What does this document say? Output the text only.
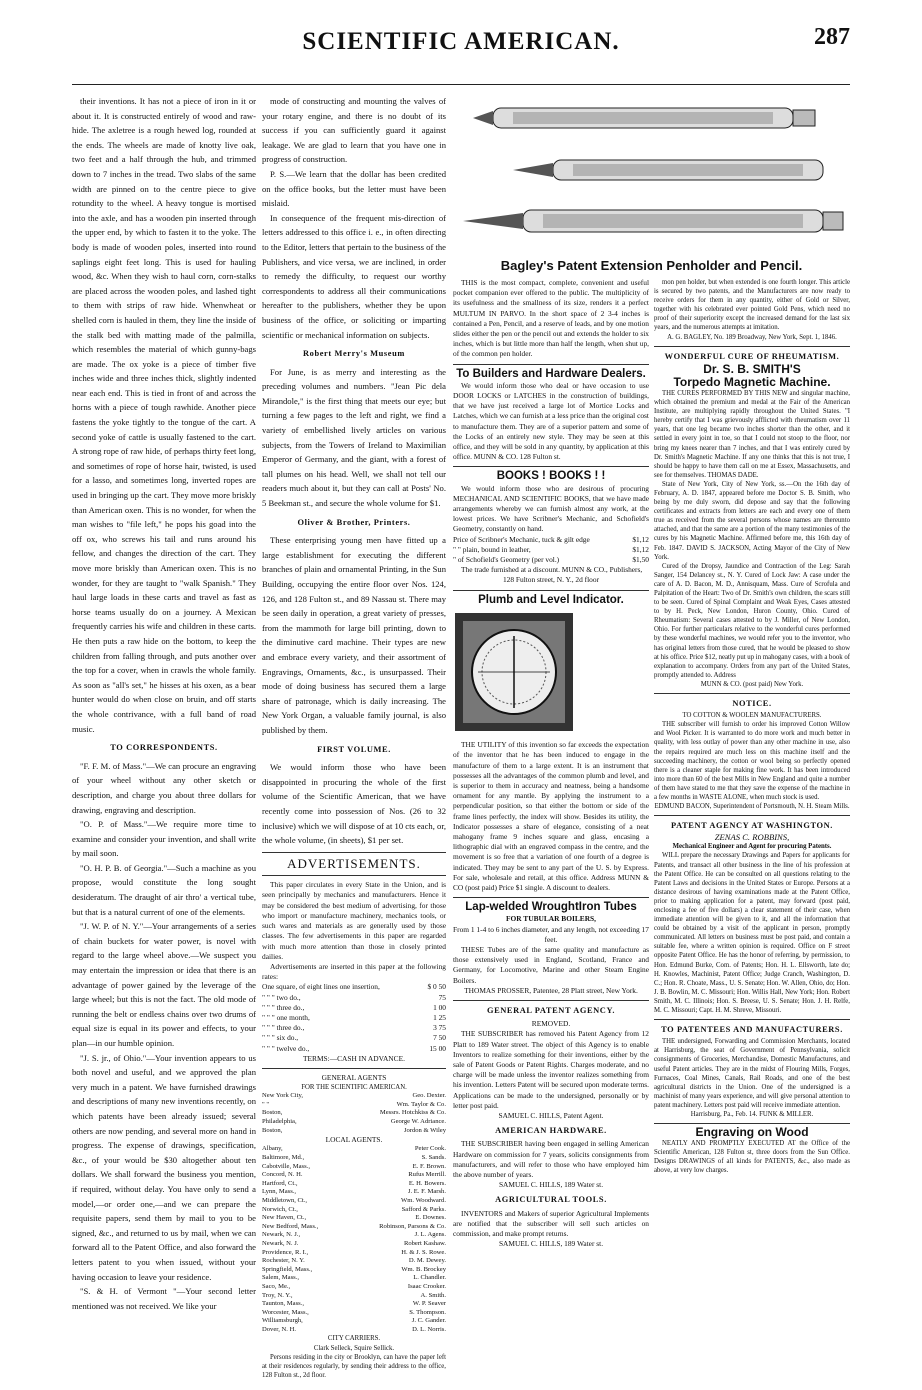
SCIENTIFIC AMERICAN.	287

their inventions. It has not a piece of iron in it or about it. It is constructed entirely of wood and raw-hide. The axletree is a rough hewed log, rounded at the ends. The wheels are made of knotty live oak, two feet and a half through the hub, and trimmed down to 7 inches in the tread. Two slabs of the same width are pinned on to the centre piece to give rotundity to the wheel. A heavy tongue is mortised into the axle, and has a wooden pin inserted through the upper end, by which to fasten it to the yoke. The body is made of wooden poles, inserted into round saplings eight feet long. This is used for hauling wood, &c. When they wish to haul corn, corn-stalks are placed across the wooden poles, and lashed tight to them with strips of raw hide. Whenwheat or shelled corn is hauled in them, they line the inside of the stalk bed with matting made of the palmilla, which resembles the material of which gunny-bags are made. The ox yoke is a piece of timber five inches wide and three inches thick, slightly indented near each end. This is tied in front of and across the horns with a piece of tough rawhide. Another piece fastens the yoke tightly to the tongue of the cart. A second yoke of cattle is usually fastened to the cart. A strong rope of raw hide, of perhaps thirty feet long, and sometimes of rope of horse hair, twisted, is used for a lasso, and sometimes long, inverted ropes are used in bringing up the cart. They move more briskly than American oxen. This is no wonder, for when the man wishes to "file left," he pops his goad into the off ox, who screws his tail and runs around his fellow, and changes the direction of the cart. They move more briskly than American oxen. This is no wonder, for they are taught to "walk Spanish." They haul large loads in these carts and travel as fast as horse teams usually do on a journey. A Mexican frequently carries his wife and children in these carts. He then puts a raw hide on the bottom, to keep the children from falling through, and puts another over the top for a cover, when in crawls the whole family. As soon as "all's set," he hisses at his oxen, as a bear hunter would do when close on bruin, and off starts the whole contrivance, with a full band of road music.

TO CORRESPONDENTS.

"F. F. M. of Mass."—We can procure an engraving of your wheel without any other sketch or description, and charge you about three dollars for drawing, engraving and description.

"O. P. of Mass."—We require more time to examine and consider your invention, and shall write by mail soon.

"O. H. P. B. of Georgia."—Such a machine as you propose, would constitute the long sought desideratum. The draught of air thro' a vertical tube, but that is a natural current of one of the elements.

"J. W. P. of N. Y."—Your arrangements of a series of chain buckets for water power, is novel with regard to the large wheel above.—We suspect you may entertain the impression or idea that there is an advantage of power gained by the leverage of the large wheel; but this is not the fact. The old mode of running the belt or endless chains over two drums of equal size is equal in its power and effects, to your plan—in our humble opinion.

"J. S. jr., of Ohio."—Your invention appears to us both novel and useful, and we approved the plan very much in a patent. We have furnished drawings and descriptions of many new inventions recently, on which patents have been already issued; several others are now pending, and several more on hand in progress. The expense of drawings, specification, &c., of your would be $30 altogether about ten dollars. We shall forward the business you mention, if required, without delay. You have only to send a model,—or order one,—and we can prepare the requisite papers, send them by mail to you to be signed, &c., and returned to us by mail, when we can forward all to the Patent Office, and also forward the letters patent to you when issued, without your having occasion to leave your residence.

"S. & H. of Vermont "—Your second letter mentioned was not received. We like your

mode of constructing and mounting the valves of your rotary engine, and there is no doubt of its success if you can sufficiently guard it against leakage. We are glad to learn that you have one in progress of construction.

P. S.—We learn that the dollar has been credited on the office books, but the letter must have been mislaid.

In consequence of the frequent mis-direction of letters addressed to this office i. e., in often directing to the Editor, letters that pertain to the business of the Publishers, and vice versa, we are inclined, in order to remedy the difficulty, to request our worthy correspondents to address all their communications hereafter to the publishers, whether they be upon business of the office, or soliciting or imparting scientific or mechanical information on subjects.

Robert Merry's Museum

For June, is as merry and interesting as the preceding volumes and numbers. "Jean Pic dela Mirandole," is the first thing that meets our eye; but turning a few pages to the left and right, we find a variety of embellished lively articles on various subjects, from the Towers of Ireland to Maximilian Emperor of Germany, and the giant, with a forest of tall plumes on his head. Well, we shall not tell our readers much about it, but they can call at Posts' No. 5 Beekman st., and secure the whole volume for $1.

Oliver & Brother, Printers.

These enterprising young men have fitted up a large establishment for executing the different branches of plain and ornamental Printing, in the Sun Building, occupying the entire floor over Nos. 124, 126, and 128 Fulton st., and 89 Nassau st. There may be seen daily in operation, a great variety of presses, from the mammoth for large bill printing, down to the diminutive card machine. Their types are new and embrace every variety, and their assortment of Engravings, Ornaments, &c., is unsurpassed. Their mode of doing business has secured them a large share of patronage, which is daily increasing. The New York Organ, a valuable family journal, is also published by them.

FIRST VOLUME.

We would inform those who have been disappointed in procuring the whole of the first volume of the Scientific American, that we have recently come into possession of Nos. (26 to 32 inclusive) which we will dispose of at 10 cts each, or, the whole volume, (in sheets), $1 per set.

ADVERTISEMENTS.

This paper circulates in every State in the Union, and is seen principally by mechanics and manufacturers. Hence it may be considered the best medium of advertising, for those who import or manufacture machinery, mechanics tools, or such wares and materials as are generally used by those classes. The few advertisements in this paper are regarded with much more attention than those in closely printed dailies.

Advertisements are inserted in this paper at the following rates:

One square, of eight lines one insertion,	$ 0 50
" " " two do.,	75
" " " three do.,	1 00
" " " one month,	1 25
" " " three do.,	3 75
" " " six do.,	7 50
" " " twelve do.,	15 00
TERMS:—CASH IN ADVANCE.
GENERAL AGENTS
FOR THE SCIENTIFIC AMERICAN.
New York City,	Geo. Dexter.
" "	Wm. Taylor & Co.
Boston,	Messrs. Hotchkiss & Co.
Philadelphia,	George W. Adriance.
Boston,	Jordon & Wiley
LOCAL AGENTS.
Albany,	Peter Cook.
Baltimore, Md.,	S. Sands.
Cabotville, Mass.,	E. F. Brown.
Concord, N. H.	Rufus Merrill.
Hartford, Ct.,	E. H. Bowers.
Lynn, Mass.,	J. E. F. Marsh.
Middletown, Ct.,	Wm. Woodward.
Norwich, Ct.,	Safford & Parks.
New Haven, Ct.,	E. Downes.
New Bedford, Mass.,	Robinson, Parsons & Co.
Newark, N. J.,	J. L. Agens.
Newark, N. J.	Robert Kashaw.
Providence, R. I.,	H. & J. S. Rowe.
Rochester, N. Y.	D. M. Dewey.
Springfield, Mass.,	Wm. B. Brockey
Salem, Mass.,	L. Chandler.
Saco, Me.,	Isaac Crooker.
Troy, N. Y.,	A. Smith.
Taunton, Mass.,	W. P. Seaver
Worcester, Mass.,	S. Thompson.
Williamsburgh,	J. C. Gander.
Dover, N. H.	D. L. Norris.
CITY CARRIERS.
Clark Selleck, Squire Sellick.

Persons residing in the city or Brooklyn, can have the paper left at their residences regularly, by sending their address to the office, 128 Fulton st., 2d floor.

Bagley's Patent Extension Penholder and Pencil.

THIS is the most compact, complete, convenient and useful pocket companion ever offered to the public. The multiplicity of its usefulness and the smallness of its size, renders it a perfect MULTUM IN PARVO. In the short space of 2 3-4 inches is contained a Pen, Pencil, and a reserve of leads, and by one motion slides either the pen or the pencil out and extends the holder to six inches, which is but little more than half the length, when shut up, of the common pen holder.

To Builders and Hardware Dealers.

We would inform those who deal or have occasion to use DOOR LOCKS or LATCHES in the construction of buildings, that we have just received a large lot of Mortice Locks and Latches, which we can furnish at a less price than the original cost to manufacture them. They are of a superior pattern and some of the Locks of an entirely new style. They may be seen at this office, and they will be sold in any quantity, by application at this office. MUNN & CO. 128 Fulton st.

BOOKS ! BOOKS ! !

We would inform those who are desirous of procuring MECHANICAL AND SCIENTIFIC BOOKS, that we have made arrangements whereby we can furnish almost any work, at the lowest prices. We have Scribner's Mechanic, and Schofield's Geometry, constantly on hand.

Price of Scribner's Mechanic, tuck & gilt edge	$1,12
" " plain, bound in leather,	$1,12
" of Schofield's Geometry (per vol.)	$1,50

The trade furnished at a discount. MUNN & CO., Publishers,

128 Fulton street, N. Y., 2d floor
Plumb and Level Indicator.

THE UTILITY of this invention so far exceeds the expectation of the inventor that he has been induced to engage in the manufacture of them to a large extent. It is an instrument that possesses all the advantages of the common plumb and level, and is superior to them in accuracy and neatness, being a handsome ornament for any mantle. By applying the instrument to a perpendicular position, so that either the bottom or side of the frame lines perfectly, the index will show. Besides its utility, the Indicator possesses a share of elegance, consisting of a neat mahogany frame 9 inches square and glass, encasing a lithographic dial with an engraved compass in the centre, and the movement is so free that a variation of one fourth of a degree is indicated. They may be sent to any part of the U. S. by Express. For sale, wholesale and retail, at this office. Address MUNN & CO (post paid) Price $1 single. A discount to dealers.

Lap-welded WroughtIron Tubes
FOR TUBULAR BOILERS,
From 1 1-4 to 6 inches diameter, and any length, not exceeding 17 feet.

THESE Tubes are of the same quality and manufacture as those extensively used in England, Scotland, France and Germany, for Locomotive, Marine and other Steam Engine Boilers.

THOMAS PROSSER, Patentee, 28 Platt street, New York.
GENERAL PATENT AGENCY.
REMOVED.

THE SUBSCRIBER has removed his Patent Agency from 12 Platt to 189 Water street. The object of this Agency is to enable Inventors to realize something for their inventions, either by the sale of Patent Goods or Patent Rights. Charges moderate, and no charge will be made unless the inventor realizes something from his invention. Letters Patent will be secured upon moderate terms. Applications can be made to the undersigned, personally or by letter post paid.

SAMUEL C. HILLS, Patent Agent.
AMERICAN HARDWARE.

THE SUBSCRIBER having been engaged in selling American Hardware on commission for 7 years, solicits consignments from manufacturers, and will refer to those who have employed him the above number of years.

SAMUEL C. HILLS, 189 Water st.
AGRICULTURAL TOOLS.

INVENTORS and Makers of superior Agricultural Implements are notified that the subscriber will sell such articles on commission, and make prompt returns.

SAMUEL C. HILLS, 189 Water st.

mon pen holder, but when extended is one fourth longer. This article is secured by two patents, and the Manufacturers are now ready to receive orders for them in any quantity, either of Gold or Silver, together with his celebrated ever pointed Gold Pens, which need no proof of their superiority except the increased demand for the last six years, and the numerous attempts at imitation.

A. G. BAGLEY, No. 189 Broadway, New York, Sept. 1, 1846.
WONDERFUL CURE OF RHEUMATISM.
Dr. S. B. SMITH'S
Torpedo Magnetic Machine.

THE CURES PERFORMED BY THIS NEW and singular machine, which obtained the premium and medal at the Fair of the American Institute, are multiplying rapidly throughout the United States. "I hereby certify that I was grievously afflicted with rheumatism over 11 years, that one leg became two inches shorter than the other, and it settled in every joint in toe, so that I could not stoop to the floor, nor bring my knees nearer than 7 inches, and that I was entirely cured by Dr. Smith's Magnetic Machine. If any one thinks that this is not true, I should be happy to have them call on me at Essex, Massachusetts, and see for themselves. THOMAS DADE.

State of New York, City of New York, ss.—On the 16th day of February, A. D. 1847, appeared before me Doctor S. B. Smith, who being by me duly sworn, did depose and say that the following certificates and extracts from letters are each and every one of them true as received from the several persons whose names are thereunto attached, and that the same are a portion of the many testimonies of the cures by his Magnetic Machine. Affirmed before me, this 16th day of Feb. 1847. DAVID S. JACKSON, Acting Mayor of the City of New York.

Cured of the Dropsy, Jaundice and Contraction of the Leg: Sarah Sanger, 154 Delancey st., N. Y. Cured of Lock Jaw: A case under the care of A. D. Bacon, M. D., Annisquam, Mass. Cure of Scrofula and Palpitation of the Heart: Two of Dr. Smith's own children, the scars still to be seen. Cured of Spinal Complaint and Weak Eyes, Cases attested to by H. Peck, New London, Huron County, Ohio. Cured of Rheumatism: Several cases attested to by J. Miller, of New London, Ohio. For further particulars relative to the wonderful cures performed by these wonderful machines, we would refer you to the inventor, who has original letters from those cured, that he would be pleased to show at his office. Price $12, neatly put up in mahogany cases, with a book of explanation to accompany. Orders from any part of the United States, promptly attended to. Address

MUNN & CO. (post paid) New York.
NOTICE.
TO COTTON & WOOLEN MANUFACTURERS.

THE subscriber will furnish to order his improved Cotton Willow and Wool Picker. It is warranted to do more work and much better in quality, with less outlay of power than any other machine in use, also the repairs required are much less on this machine itself and the succeeding machinery, the cotton or wool being so perfectly opened there is a cleaner staple for making fine work. It has been introduced into more than 60 of the best Mills in New England and quite a number of them have stated to me that they save the expense of the machine in a few months in WASTE ALONE, when much stock is used.

EDMUND BACON, Superintendent of Portsmouth, N. H. Steam Mills.
PATENT AGENCY AT WASHINGTON.
ZENAS C. ROBBINS,
Mechanical Engineer and Agent for procuring Patents.

WILL prepare the necessary Drawings and Papers for applicants for Patents, and transact all other business in the line of his profession at the Patent Office. He can be consulted on all questions relating to the Patent Laws and decisions in the United States or Europe. Persons at a distance desirous of having examinations made at the Patent Office, prior to making application for a patent, may forward (post paid, enclosing a fee of five dollars) a clear statement of their case, when immediate attention will be given to it, and all the information that could be obtained by a visit of the applicant in person, promptly communicated. All letters on business must be post paid, and contain a suitable fee, where a written opinion is required. Office on F street opposite Patent Office. He has the honor of referring, by permission, to Hon. Edmund Burke, Com. of Patents; Hon. H. L. Ellsworth, late do; H. Knowles, Machinist, Patent Office; Judge Cranch, Washington, D. C.; Hon. R. Choate, Mass., U. S. Senate; Hon. W. Allen, Ohio, do; Hon. J. B. Bowlin, M. C. Missouri; Hon. Willis Hall, New York; Hon. Robert Smith, M. C. Illinois; Hon. S. Breese, U. S. Senate; Hon. J. H. Relfe, M. C. Missouri; Capt. H. M. Shreve, Missouri.

TO PATENTEES AND MANUFACTURERS.

THE undersigned, Forwarding and Commission Merchants, located at Harrisburg, the seat of Government of Pennsylvania, solicit consignments of Groceries, Merchandise, Domestic Manufactures, and useful Patent articles. They are in the midst of Flouring Mills, Forges, Furnaces, Coal Mines, Canals, Rail Roads, and one of the best agricultural districts in the Union. One of the undersigned is a machinist of many years experience, and will give personal attention to patent machinery. Letters post paid will receive immediate attention.

Harrisburg, Pa., Feb. 14. FUNK & MILLER.
Engraving on Wood

NEATLY AND PROMPTLY EXECUTED AT the Office of the Scientific American, 128 Fulton st, three doors from the Sun Office. Designs DRAWINGS of all kinds for PATENTS, &c., also made as above, at very low charges.
